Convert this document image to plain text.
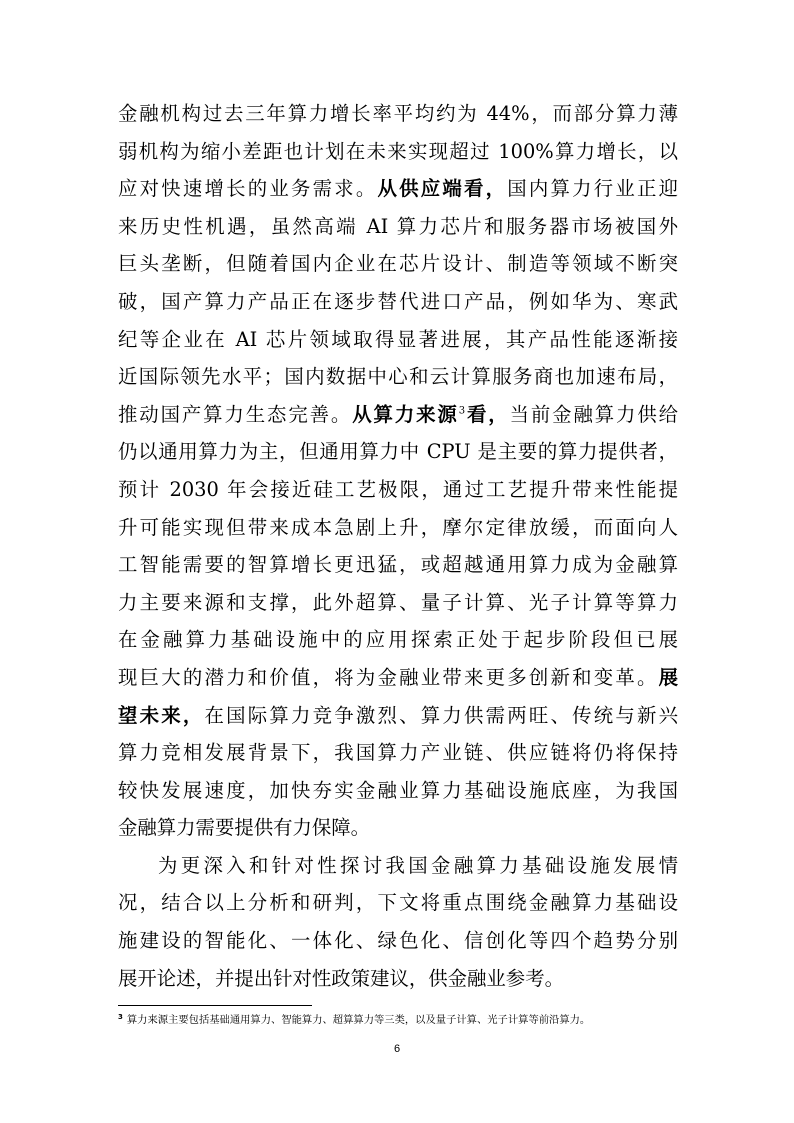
金融机构过去三年算力增长率平均约为 44%，而部分算力薄
弱机构为缩小差距也计划在未来实现超过 100%算力增长，以
应对快速增长的业务需求。从供应端看，国内算力行业正迎
来历史性机遇，虽然高端 AI 算力芯片和服务器市场被国外
巨头垄断，但随着国内企业在芯片设计、制造等领域不断突
破，国产算力产品正在逐步替代进口产品，例如华为、寒武
纪等企业在 AI 芯片领域取得显著进展，其产品性能逐渐接
近国际领先水平；国内数据中心和云计算服务商也加速布局，
推动国产算力生态完善。从算力来源$^3$看，当前金融算力供给
仍以通用算力为主，但通用算力中 CPU 是主要的算力提供者，
预计 2030 年会接近硅工艺极限，通过工艺提升带来性能提
升可能实现但带来成本急剧上升，摩尔定律放缓，而面向人
工智能需要的智算增长更迅猛，或超越通用算力成为金融算
力主要来源和支撑，此外超算、量子计算、光子计算等算力
在金融算力基础设施中的应用探索正处于起步阶段但已展
现巨大的潜力和价值，将为金融业带来更多创新和变革。展
望未来，在国际算力竞争激烈、算力供需两旺、传统与新兴
算力竞相发展背景下，我国算力产业链、供应链将仍将保持
较快发展速度，加快夯实金融业算力基础设施底座，为我国
金融算力需要提供有力保障。
为更深入和针对性探讨我国金融算力基础设施发展情
况，结合以上分析和研判，下文将重点围绕金融算力基础设
施建设的智能化、一体化、绿色化、信创化等四个趋势分别
展开论述，并提出针对性政策建议，供金融业参考。
$^3$ 算力来源主要包括基础通用算力、智能算力、超算算力等三类，以及量子计算、光子计算等前沿算力。
6
